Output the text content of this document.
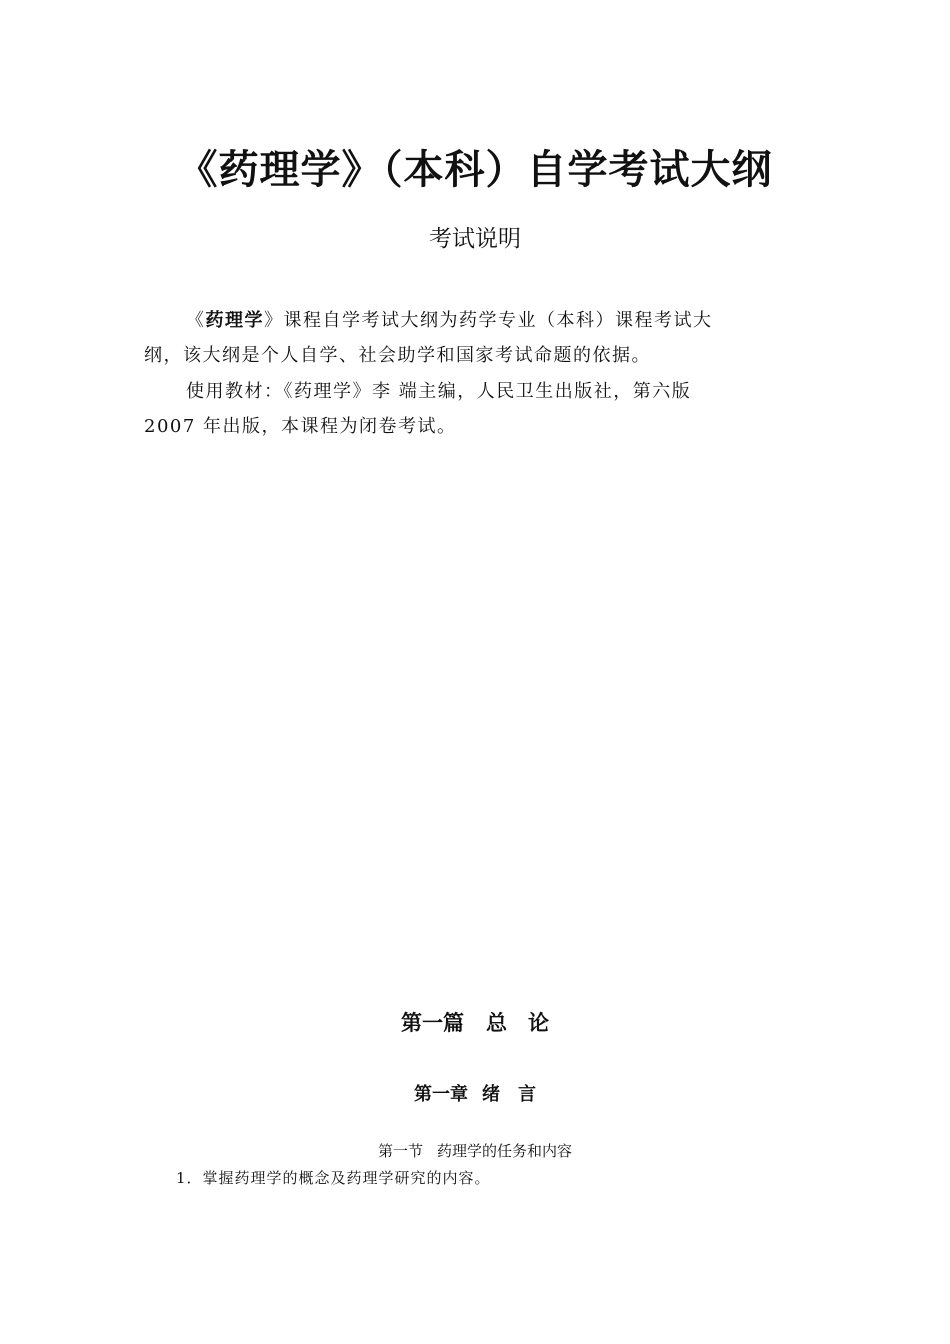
《药理学》（本科）自学考试大纲
考试说明
《药理学》课程自学考试大纲为药学专业（本科）课程考试大
纲，该大纲是个人自学、社会助学和国家考试命题的依据。
使用教材：《药理学》李 端主编，人民卫生出版社，第六版
2007 年出版，本课程为闭卷考试。
第一篇 总　论
第一章 绪　言
第一节 药理学的任务和内容
1．掌握药理学的概念及药理学研究的内容。
